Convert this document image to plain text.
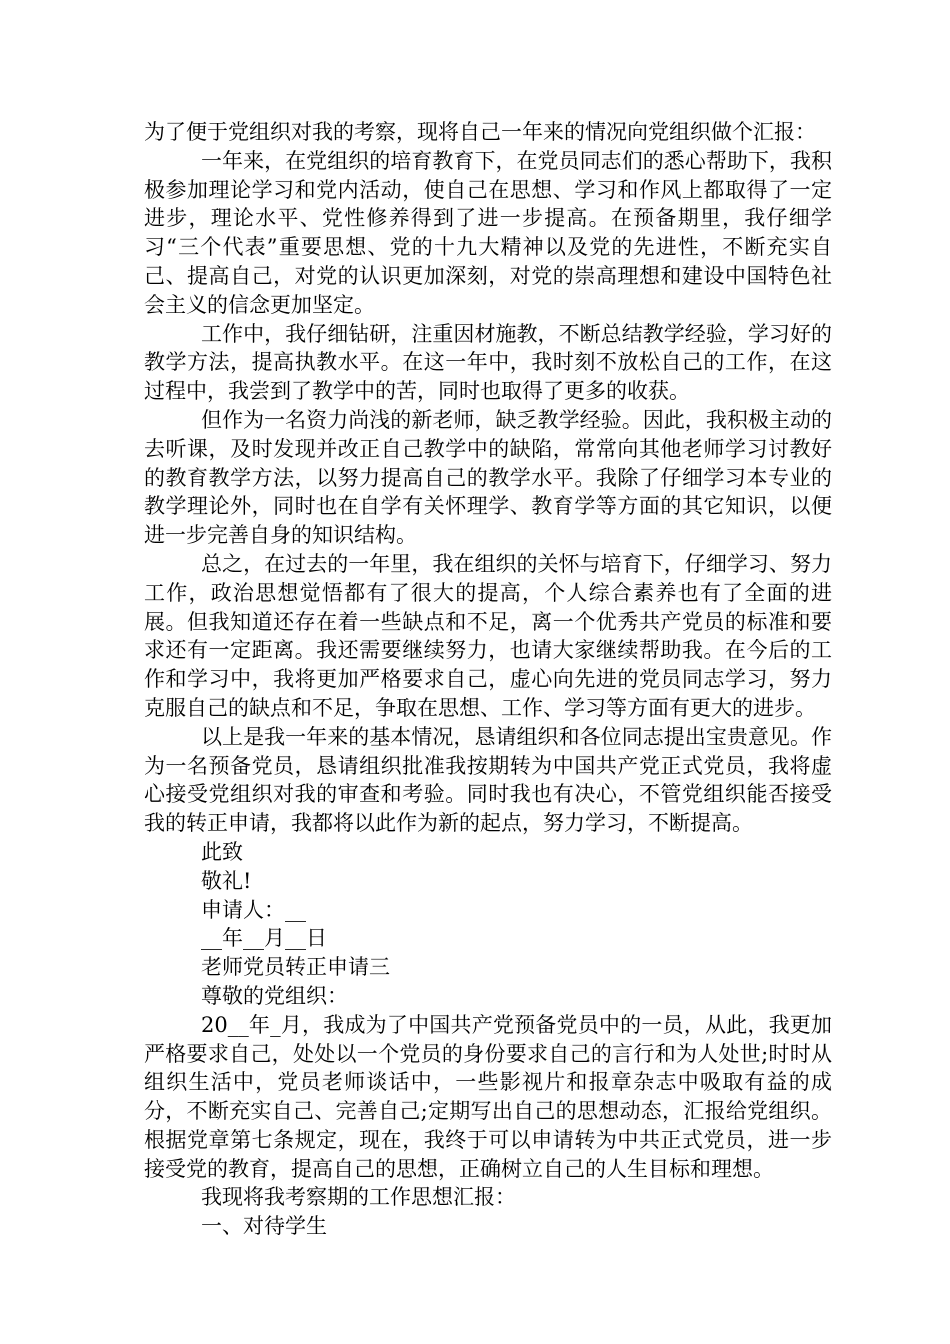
为了便于党组织对我的考察，现将自己一年来的情况向党组织做个汇报：

一年来，在党组织的培育教育下，在党员同志们的悉心帮助下，我积极参加理论学习和党内活动，使自己在思想、学习和作风上都取得了一定进步，理论水平、党性修养得到了进一步提高。在预备期里，我仔细学习“三个代表”重要思想、党的十九大精神以及党的先进性，不断充实自己、提高自己，对党的认识更加深刻，对党的崇高理想和建设中国特色社会主义的信念更加坚定。

工作中，我仔细钻研，注重因材施教，不断总结教学经验，学习好的教学方法，提高执教水平。在这一年中，我时刻不放松自己的工作，在这过程中，我尝到了教学中的苦，同时也取得了更多的收获。

但作为一名资力尚浅的新老师，缺乏教学经验。因此，我积极主动的去听课，及时发现并改正自己教学中的缺陷，常常向其他老师学习讨教好的教育教学方法，以努力提高自己的教学水平。我除了仔细学习本专业的教学理论外，同时也在自学有关怀理学、教育学等方面的其它知识，以便进一步完善自身的知识结构。

总之，在过去的一年里，我在组织的关怀与培育下，仔细学习、努力工作，政治思想觉悟都有了很大的提高，个人综合素养也有了全面的进展。但我知道还存在着一些缺点和不足，离一个优秀共产党员的标准和要求还有一定距离。我还需要继续努力，也请大家继续帮助我。在今后的工作和学习中，我将更加严格要求自己，虚心向先进的党员同志学习，努力克服自己的缺点和不足，争取在思想、工作、学习等方面有更大的进步。

以上是我一年来的基本情况，恳请组织和各位同志提出宝贵意见。作为一名预备党员，恳请组织批准我按期转为中国共产党正式党员，我将虚心接受党组织对我的审查和考验。同时我也有决心，不管党组织能否接受我的转正申请，我都将以此作为新的起点，努力学习，不断提高。

此致

敬礼!

申请人：__

__年__月__日

老师党员转正申请三

尊敬的党组织：

20__年_月，我成为了中国共产党预备党员中的一员，从此，我更加严格要求自己，处处以一个党员的身份要求自己的言行和为人处世;时时从组织生活中，党员老师谈话中，一些影视片和报章杂志中吸取有益的成分，不断充实自己、完善自己;定期写出自己的思想动态，汇报给党组织。根据党章第七条规定，现在，我终于可以申请转为中共正式党员，进一步接受党的教育，提高自己的思想，正确树立自己的人生目标和理想。

我现将我考察期的工作思想汇报：

一、对待学生
